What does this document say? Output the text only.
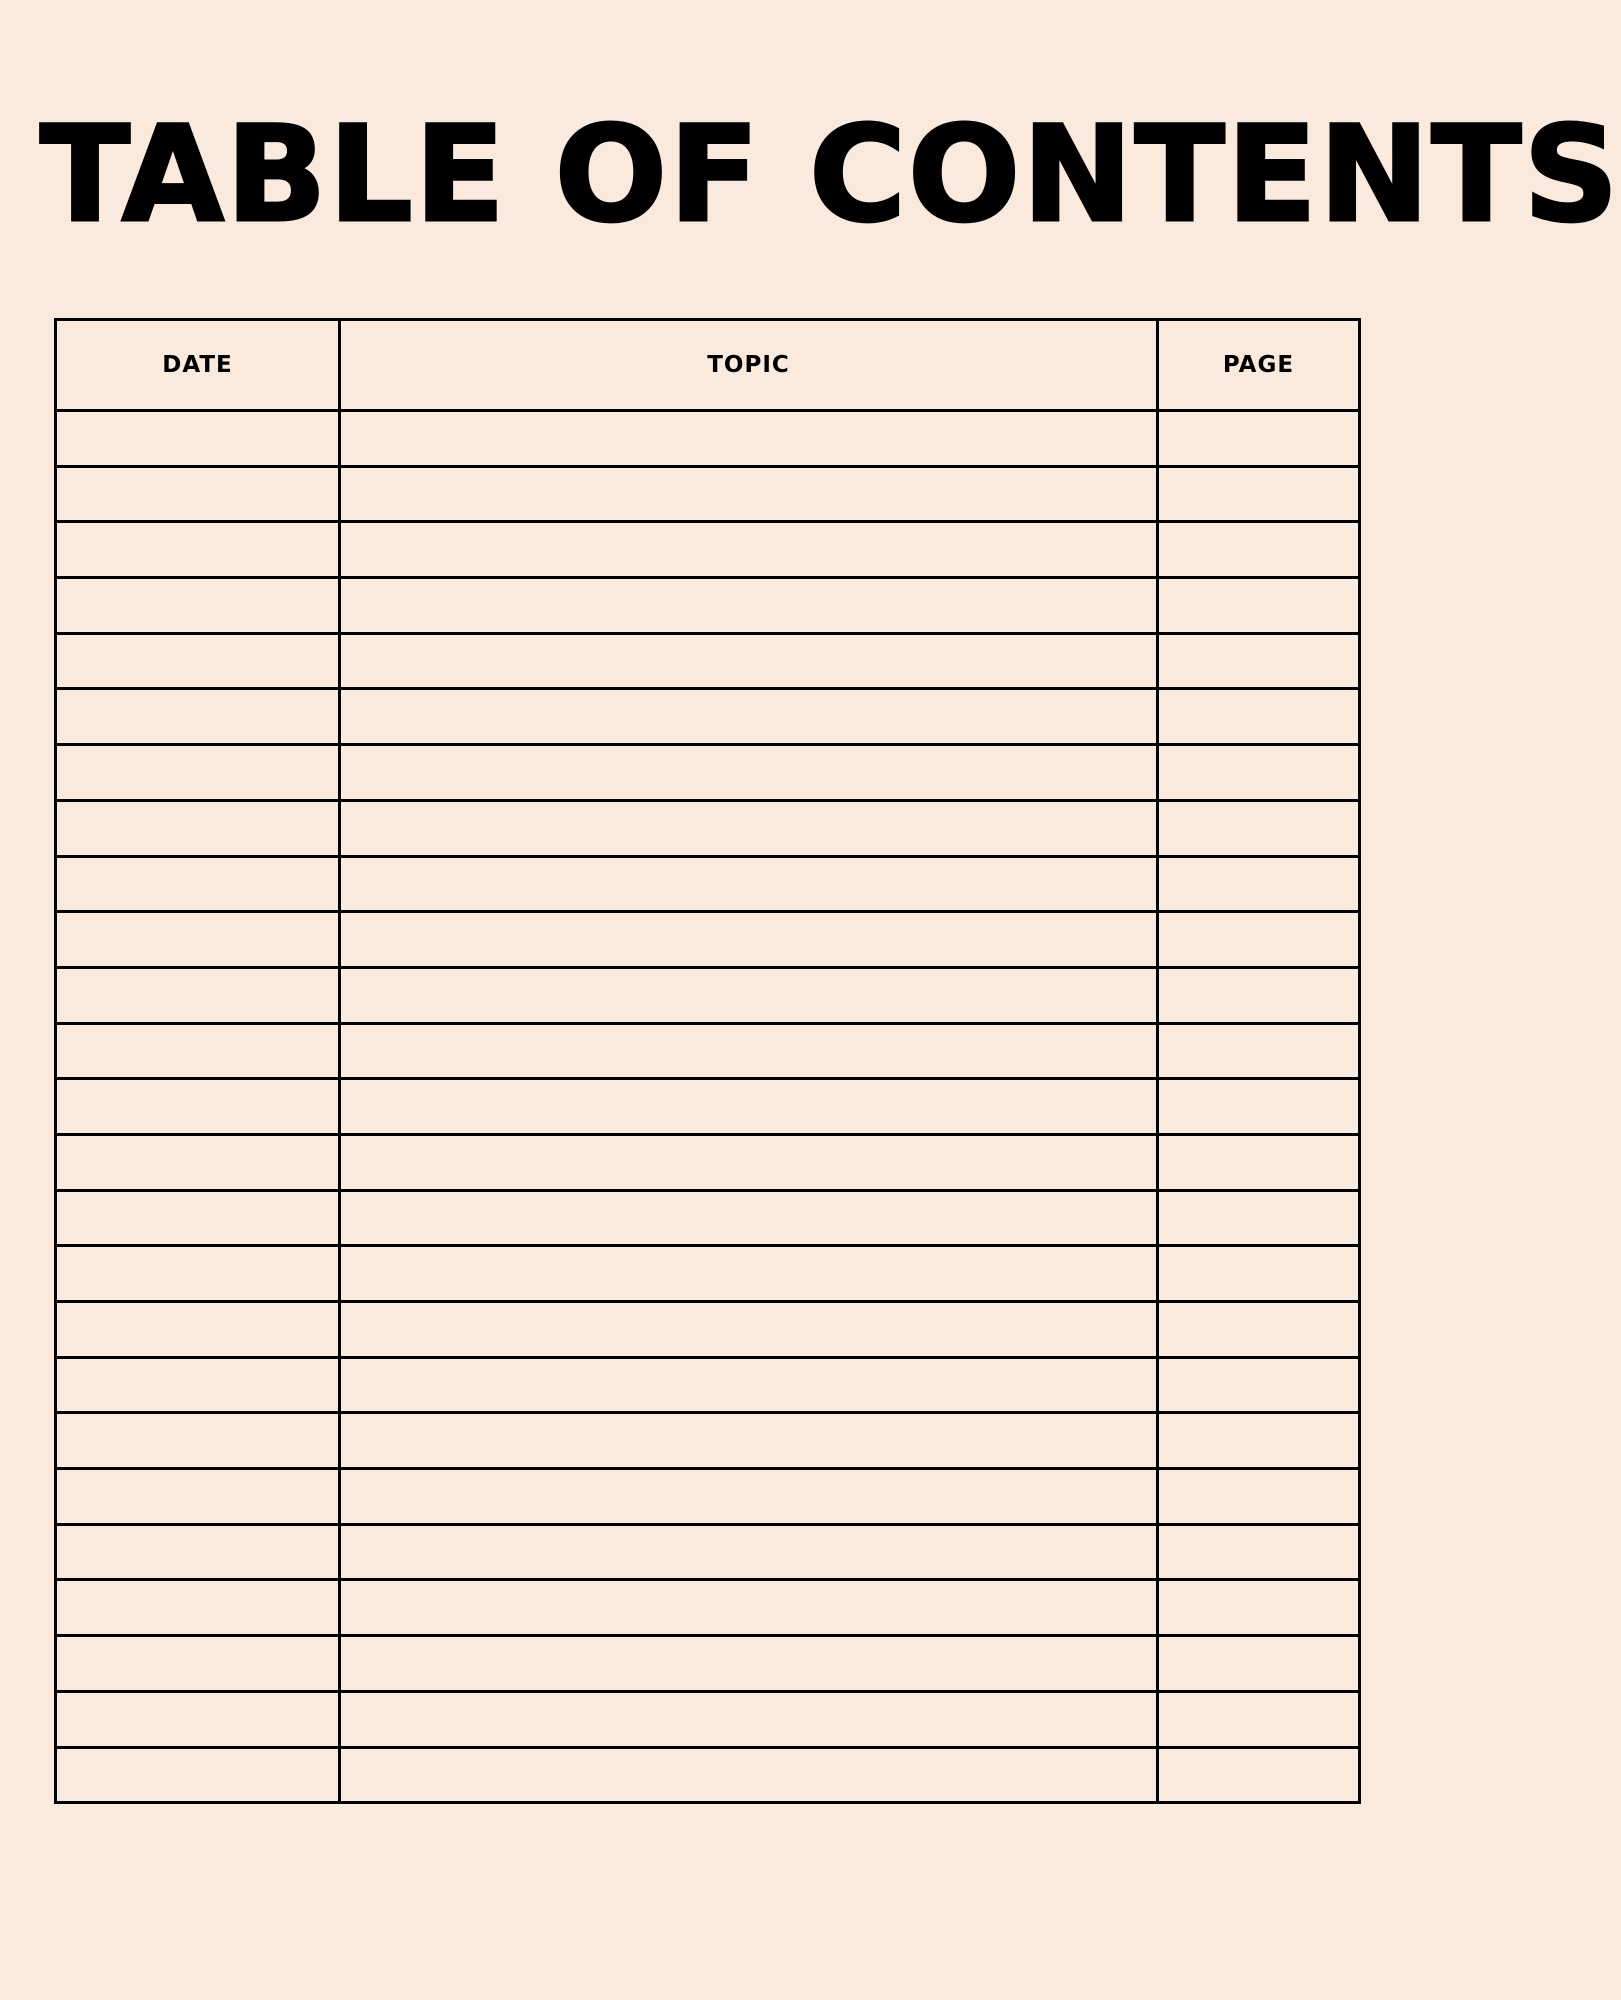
TABLE OF CONTENTS
DATE	TOPIC	PAGE
